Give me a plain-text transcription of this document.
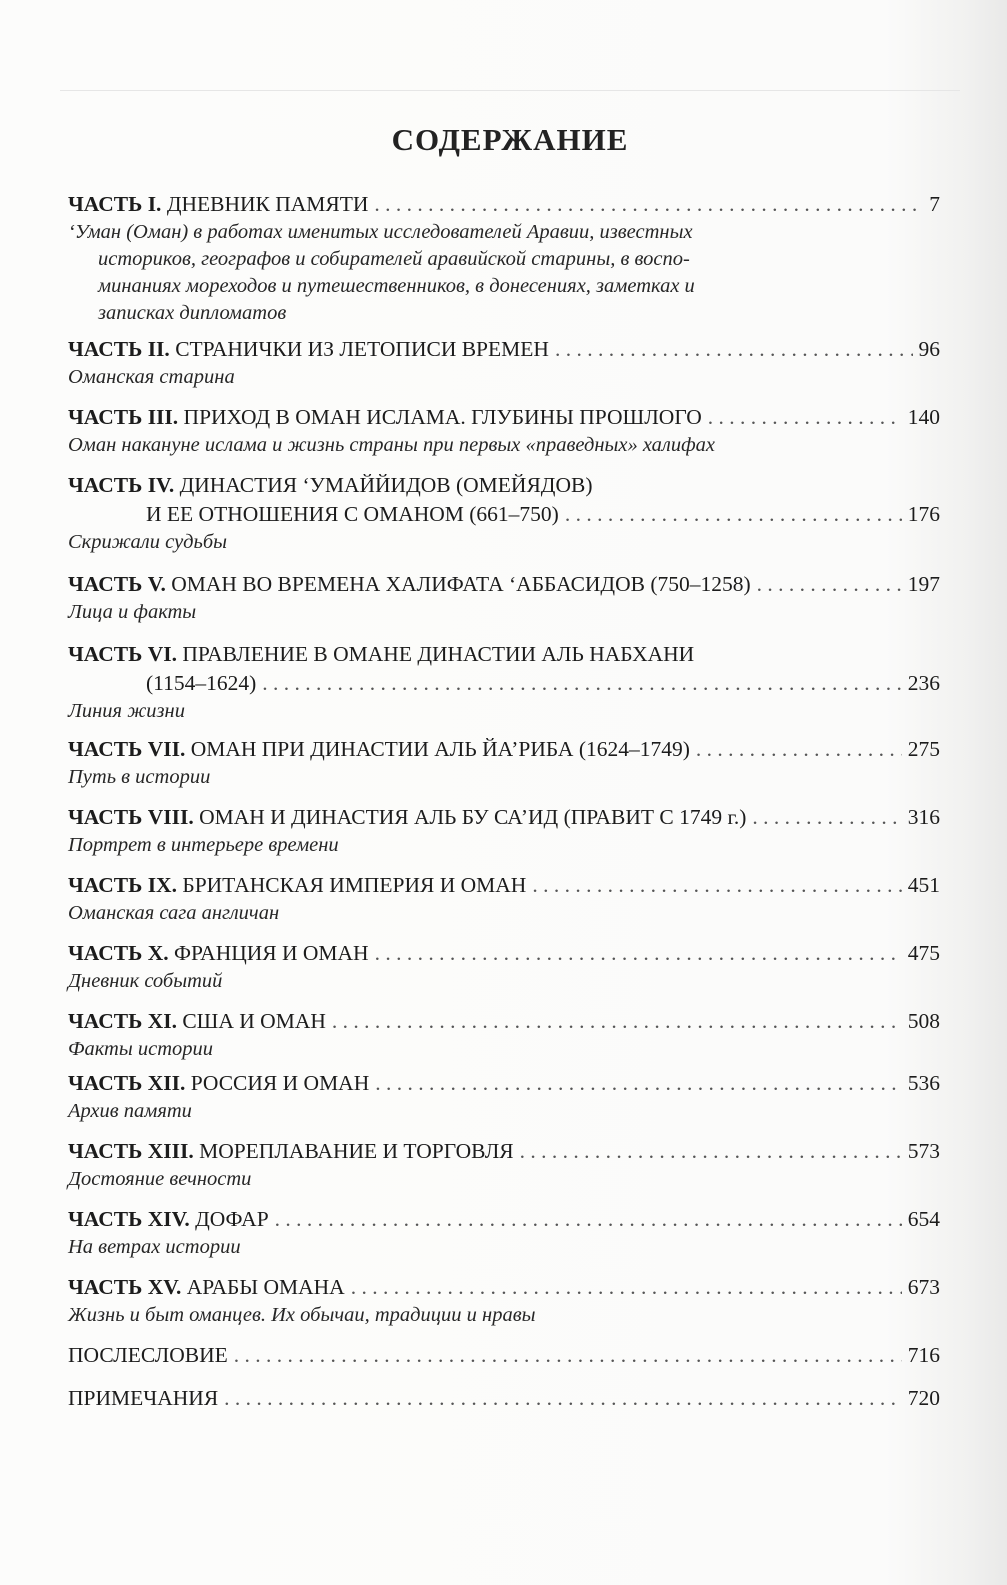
СОДЕРЖАНИЕ
ЧАСТЬ I. ДНЕВНИК ПАМЯТИ . . .	7
‘Уман (Оман) в работах именитых исследователей Аравии, известных
историков, географов и собирателей аравийской старины, в воспо-
минаниях мореходов и путешественников, в донесениях, заметках и
записках дипломатов
ЧАСТЬ II. СТРАНИЧКИ ИЗ ЛЕТОПИСИ ВРЕМЕН . . .	96
Оманская старина
ЧАСТЬ III. ПРИХОД В ОМАН ИСЛАМА. ГЛУБИНЫ ПРОШЛОГО . . .	140
Оман накануне ислама и жизнь страны при первых «праведных» халифах
ЧАСТЬ IV. ДИНАСТИЯ ‘УМАЙЙИДОВ (ОМЕЙЯДОВ)
И ЕЕ ОТНОШЕНИЯ С ОМАНОМ (661–750) . . .	176
Скрижали судьбы
ЧАСТЬ V. ОМАН ВО ВРЕМЕНА ХАЛИФАТА ‘АББАСИДОВ (750–1258) . . .	197
Лица и факты
ЧАСТЬ VI. ПРАВЛЕНИЕ В ОМАНЕ ДИНАСТИИ АЛЬ НАБХАНИ
(1154–1624) . . .	236
Линия жизни
ЧАСТЬ VII. ОМАН ПРИ ДИНАСТИИ АЛЬ ЙА’РИБА (1624–1749) . . .	275
Путь в истории
ЧАСТЬ VIII. ОМАН И ДИНАСТИЯ АЛЬ БУ СА’ИД (ПРАВИТ С 1749 г.) . . .	316
Портрет в интерьере времени
ЧАСТЬ IX. БРИТАНСКАЯ ИМПЕРИЯ И ОМАН . . .	451
Оманская сага англичан
ЧАСТЬ X. ФРАНЦИЯ И ОМАН . . .	475
Дневник событий
ЧАСТЬ XI. США И ОМАН . . .	508
Факты истории
ЧАСТЬ XII. РОССИЯ И ОМАН . . .	536
Архив памяти
ЧАСТЬ XIII. МОРЕПЛАВАНИЕ И ТОРГОВЛЯ . . .	573
Достояние вечности
ЧАСТЬ XIV. ДОФАР . . .	654
На ветрах истории
ЧАСТЬ XV. АРАБЫ ОМАНА . . .	673
Жизнь и быт оманцев. Их обычаи, традиции и нравы
ПОСЛЕСЛОВИЕ . . .	716
ПРИМЕЧАНИЯ . . .	720
